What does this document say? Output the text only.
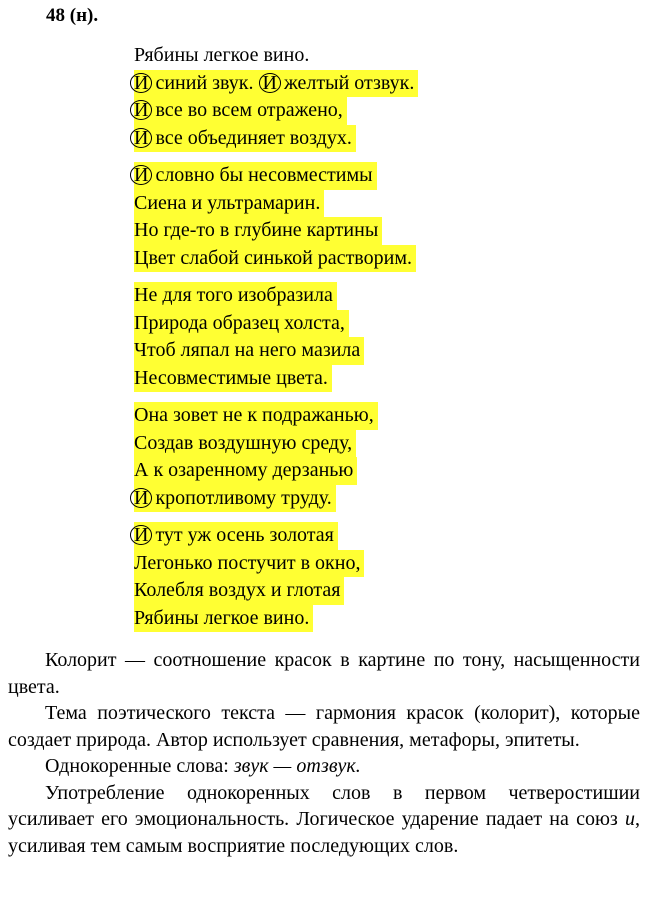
48 (н).
Рябины легкое вино.
И синий звук. И желтый отзвук.
И все во всем отражено,
И все объединяет воздух.
И словно бы несовместимы
Сиена и ультрамарин.
Но где-то в глубине картины
Цвет слабой синькой растворим.
Не для того изобразила
Природа образец холста,
Чтоб ляпал на него мазила
Несовместимые цвета.
Она зовет не к подражанью,
Создав воздушную среду,
А к озаренному дерзанью
И кропотливому труду.
И тут уж осень золотая
Легонько постучит в окно,
Колебля воздух и глотая
Рябины легкое вино.

Колорит — соотношение красок в картине по тону, насыщенности цвета.

Тема поэтического текста — гармония красок (колорит), которые создает природа. Автор использует сравнения, метафоры, эпитеты.

Однокоренные слова: звук — отзвук.

Употребление однокоренных слов в первом четверостишии усиливает его эмоциональность. Логическое ударение падает на союз и, усиливая тем самым восприятие последующих слов.
